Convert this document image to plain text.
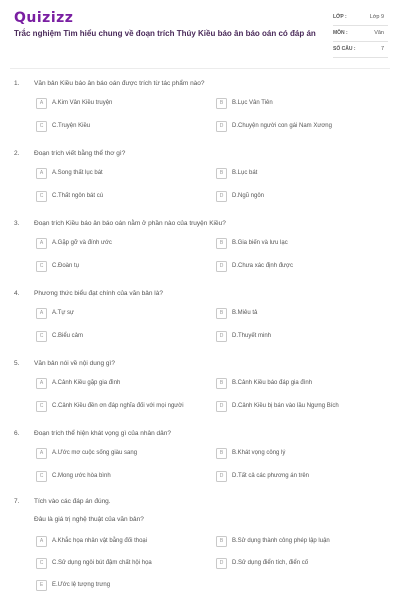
Quizizz
Trắc nghiệm Tìm hiểu chung về đoạn trích Thúy Kiều báo ân báo oán có đáp án
LỚP :	Lớp 9
MÔN :	Văn
SỐ CÂU :	7
1. Văn bản Kiều báo ân báo oán được trích từ tác phẩm nào?
A	A.Kim Vân Kiều truyện	B	B.Lục Vân Tiên
C	C.Truyện Kiều	D	D.Chuyện người con gái Nam Xương
2. Đoạn trích viết bằng thể thơ gì?
A	A.Song thất lục bát	B	B.Lục bát
C	C.Thất ngôn bát cú	D	D.Ngũ ngôn
3. Đoạn trích Kiều báo ân báo oán nằm ở phần nào của truyện Kiều?
A	A.Gặp gỡ và đính ước	B	B.Gia biến và lưu lạc
C	C.Đoàn tụ	D	D.Chưa xác định được
4. Phương thức biểu đạt chính của văn bản là?
A	A.Tự sự	B	B.Miêu tả
C	C.Biểu cảm	D	D.Thuyết minh
5. Văn bản nói về nội dung gì?
A	A.Cảnh Kiều gặp gia đình	B	B.Cảnh Kiều báo đáp gia đình
C	C.Cảnh Kiều đền ơn đáp nghĩa đối với mọi người	D	D.Cảnh Kiều bị bán vào lầu Ngưng Bích
6. Đoạn trích thể hiện khát vọng gì của nhân dân?
A	A.Ước mơ cuộc sống giàu sang	B	B.Khát vọng công lý
C	C.Mong ước hòa bình	D	D.Tất cả các phương án trên
7. Tích vào các đáp án đúng.
Đâu là giá trị nghệ thuật của văn bản?
A	A.Khắc họa nhân vật bằng đối thoại	B	B.Sử dụng thành công phép lập luận
C	C.Sử dụng ngôi bút đậm chất hội họa	D	D.Sử dụng điển tích, điển cố
E	E.Ước lệ tượng trưng
